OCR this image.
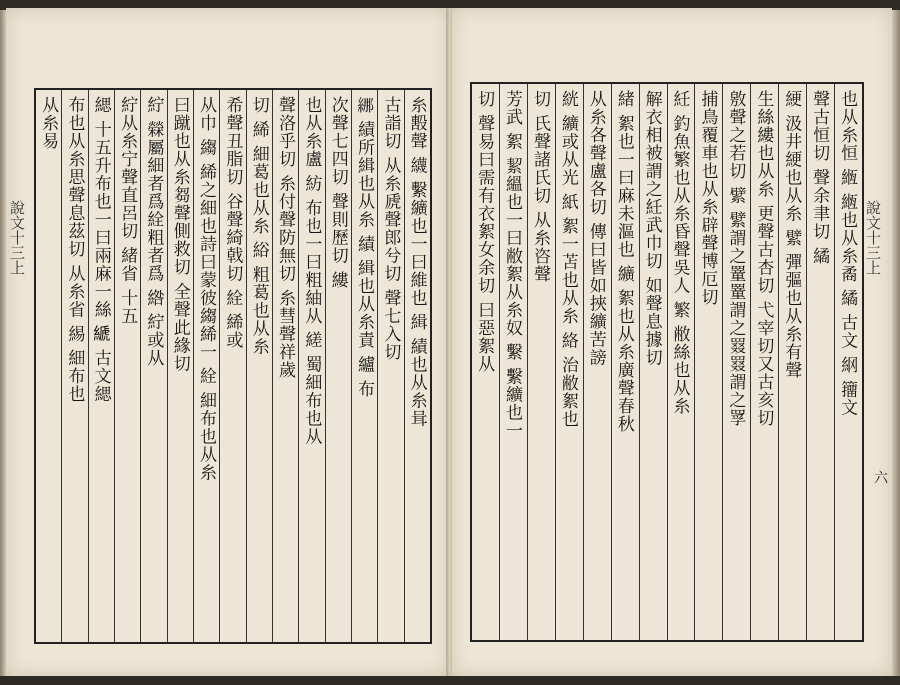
說文十三上	糸毄聲 䌩 繫纊也一曰維也 緝 績也从糸咠
古詣切 从糸虒聲郎兮切 聲七入切
𦀨 績所緝也从糸 績 緝也从糸責 纑 布
次聲七四切 聲則歷切 縷
也从糸盧 紡 布也一曰粗紬从 縒 蜀細布也从
聲洛乎切 糸付聲防無切 糸彗聲祥歲
切 絺 細葛也从糸 綌 粗葛也从糸
希聲丑脂切 谷聲綺戟切 絟 絺或
从巾 縐 絺之細也詩曰蒙彼縐絺一 絟 細布也从糸
曰蹴也从糸芻聲側救切 全聲此緣切
紵 檾屬細者爲絟粗者爲 綹 紵或从
紵从糸宁聲直呂切 緒省 十五
緦 十五升布也一曰兩麻一絲 𦃇 古文緦
布也从糸思聲息茲切 从糸省 緆 細布也
从糸易	也从糸恒 緪 緪也从糸矞 繘 古文 䋄 籒文
聲古恒切 聲余聿切 繘
綆 汲井綆也从糸 繴 彈彄也从糸有聲
生絲縷也从糸 更聲古杏切 弋宰切又古亥切
敫聲之若切 繴 繴謂之罿罿謂之罬罬謂之罦
捕鳥覆車也从糸辟聲博厄切
紝 釣魚繁也从糸昏聲吳人 繁 敝絲也从糸
解衣相被謂之紝武巾切 如聲息據切
緒 絮也一曰麻未漚也 纊 絮也从糸廣聲春秋
从糸各聲盧各切 傳曰皆如挾纊苦謗
絖 纊或从光 紙 絮一苫也从糸 絡 治敝絮也
切 氏聲諸氏切 从糸咨聲
芳武 絮 絜縕也一曰敝絮从糸奴 繫 繫纊也一
切 聲易曰需有衣絮女余切 曰惡絮从	說文十三上
六
